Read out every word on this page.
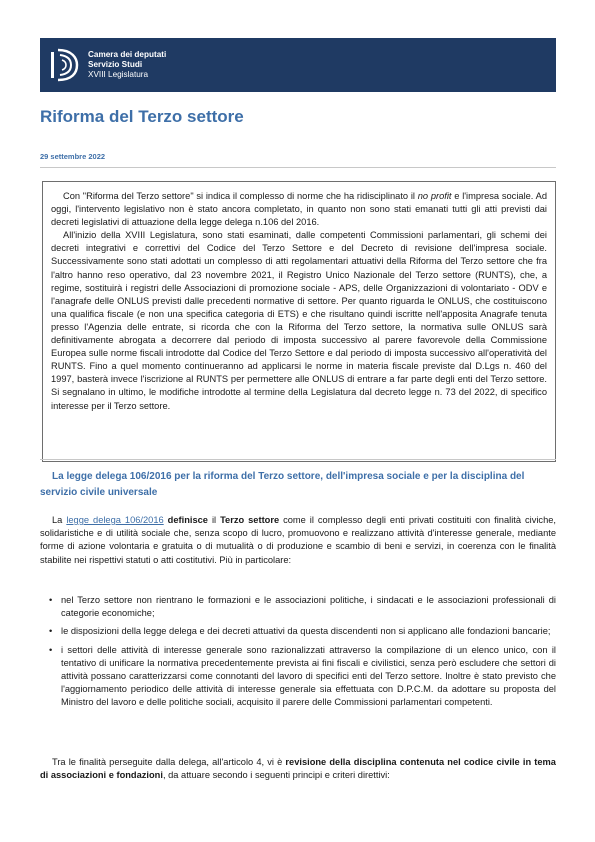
Camera dei deputati
Servizio Studi
XVIII Legislatura
Riforma del Terzo settore
29 settembre 2022

Con "Riforma del Terzo settore" si indica il complesso di norme che ha ridisciplinato il no profit e l'impresa sociale. Ad oggi, l'intervento legislativo non è stato ancora completato, in quanto non sono stati emanati tutti gli atti previsti dai decreti legislativi di attuazione della legge delega n.106 del 2016.

All'inizio della XVIII Legislatura, sono stati esaminati, dalle competenti Commissioni parlamentari, gli schemi dei decreti integrativi e correttivi del Codice del Terzo Settore e del Decreto di revisione dell'impresa sociale. Successivamente sono stati adottati un complesso di atti regolamentari attuativi della Riforma del Terzo settore che fra l'altro hanno reso operativo, dal 23 novembre 2021, il Registro Unico Nazionale del Terzo settore (RUNTS), che, a regime, sostituirà i registri delle Associazioni di promozione sociale - APS, delle Organizzazioni di volontariato - ODV e l'anagrafe delle ONLUS previsti dalle precedenti normative di settore. Per quanto riguarda le ONLUS, che costituiscono una qualifica fiscale (e non una specifica categoria di ETS) e che risultano quindi iscritte nell'apposita Anagrafe tenuta presso l'Agenzia delle entrate, si ricorda che con la Riforma del Terzo settore, la normativa sulle ONLUS sarà definitivamente abrogata a decorrere dal periodo di imposta successivo al parere favorevole della Commissione Europea sulle norme fiscali introdotte dal Codice del Terzo Settore e dal periodo di imposta successivo all'operatività del RUNTS. Fino a quel momento continueranno ad applicarsi le norme in materia fiscale previste dal D.Lgs n. 460 del 1997, basterà invece l'iscrizione al RUNTS per permettere alle ONLUS di entrare a far parte degli enti del Terzo settore. Si segnalano in ultimo, le modifiche introdotte al termine della Legislatura dal decreto legge n. 73 del 2022, di specifico interesse per il Terzo settore.

La legge delega 106/2016 per la riforma del Terzo settore, dell'impresa sociale e per la disciplina del servizio civile universale

La legge delega 106/2016 definisce il Terzo settore come il complesso degli enti privati costituiti con finalità civiche, solidaristiche e di utilità sociale che, senza scopo di lucro, promuovono e realizzano attività d'interesse generale, mediante forme di azione volontaria e gratuita o di mutualità o di produzione e scambio di beni e servizi, in coerenza con le finalità stabilite nei rispettivi statuti o atti costitutivi. Più in particolare:

• nel Terzo settore non rientrano le formazioni e le associazioni politiche, i sindacati e le associazioni professionali di categorie economiche;
• le disposizioni della legge delega e dei decreti attuativi da questa discendenti non si applicano alle fondazioni bancarie;
• i settori delle attività di interesse generale sono razionalizzati attraverso la compilazione di un elenco unico, con il tentativo di unificare la normativa precedentemente prevista ai fini fiscali e civilistici, senza però escludere che settori di attività possano caratterizzarsi come connotanti del lavoro di specifici enti del Terzo settore. Inoltre è stato previsto che l'aggiornamento periodico delle attività di interesse generale sia effettuata con D.P.C.M. da adottare su proposta del Ministro del lavoro e delle politiche sociali, acquisito il parere delle Commissioni parlamentari competenti.

Tra le finalità perseguite dalla delega, all'articolo 4, vi è revisione della disciplina contenuta nel codice civile in tema di associazioni e fondazioni, da attuare secondo i seguenti principi e criteri direttivi:
